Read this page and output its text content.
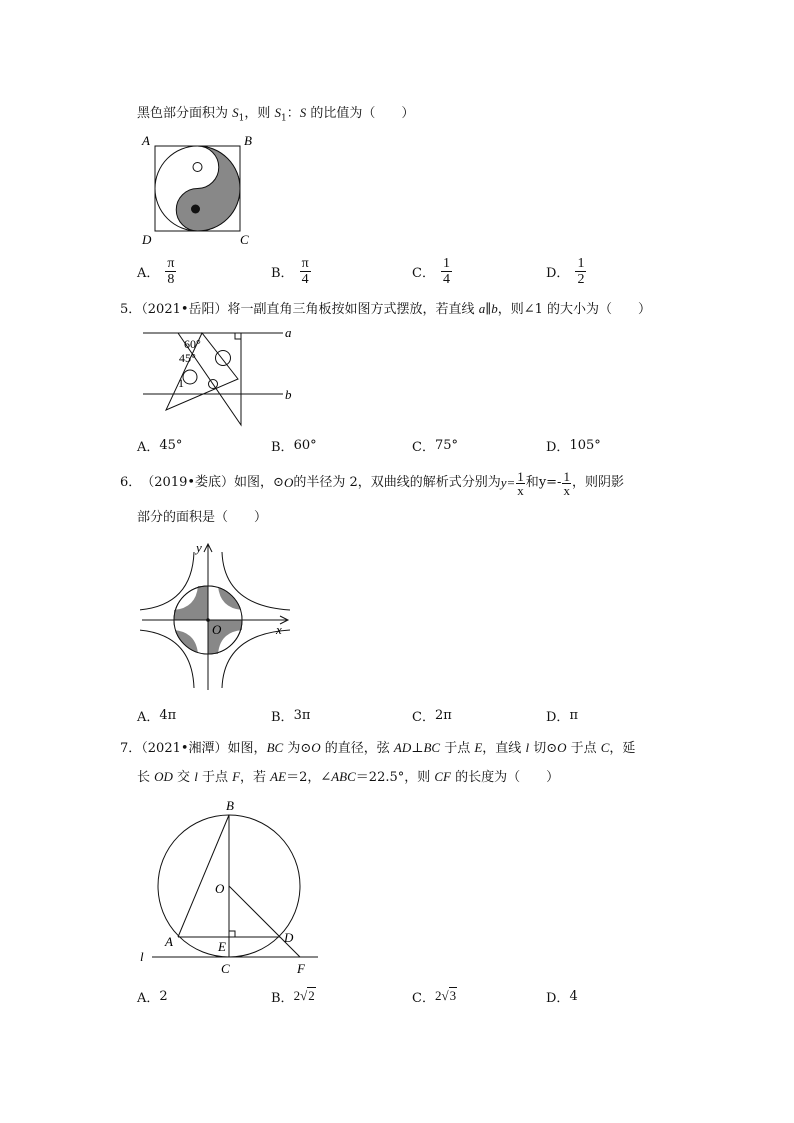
黑色部分面积为 $S_1$，则 $S_1$：S 的比值为（　　）
A	B
D	C
A． $\frac{\pi}{8}$	B． $\frac{\pi}{4}$	C． $\frac{1}{4}$	D． $\frac{1}{2}$
5．（2021•岳阳）将一副直角三角板按如图方式摆放，若直线 a∥b，则∠1 的大小为（　　）
60°
45°
1
a
b
A． 45°	B． 60°	C． 75°	D． 105°
6． （2019•娄底） 如图，⊙ O 的半径为 2，双曲线的解析式分别为 $y= \frac{1}{x}$ 和 $y=- \frac{1}{x}$ ，则阴影
部分的面积是（　　）
y
x
O
A． 4π	B． 3π	C． 2π	D． π
7．（2021•湘潭）如图，BC 为⊙O 的直径，弦 AD⊥BC 于点 E，直线 l 切⊙O 于点 C，延
长 OD 交 l 于点 F，若 AE＝2，∠ABC＝22.5°，则 CF 的长度为（　　）
B
O
A	E
D
C	F
l
A． 2	B． 2√2	C． 2√3	D． 4
